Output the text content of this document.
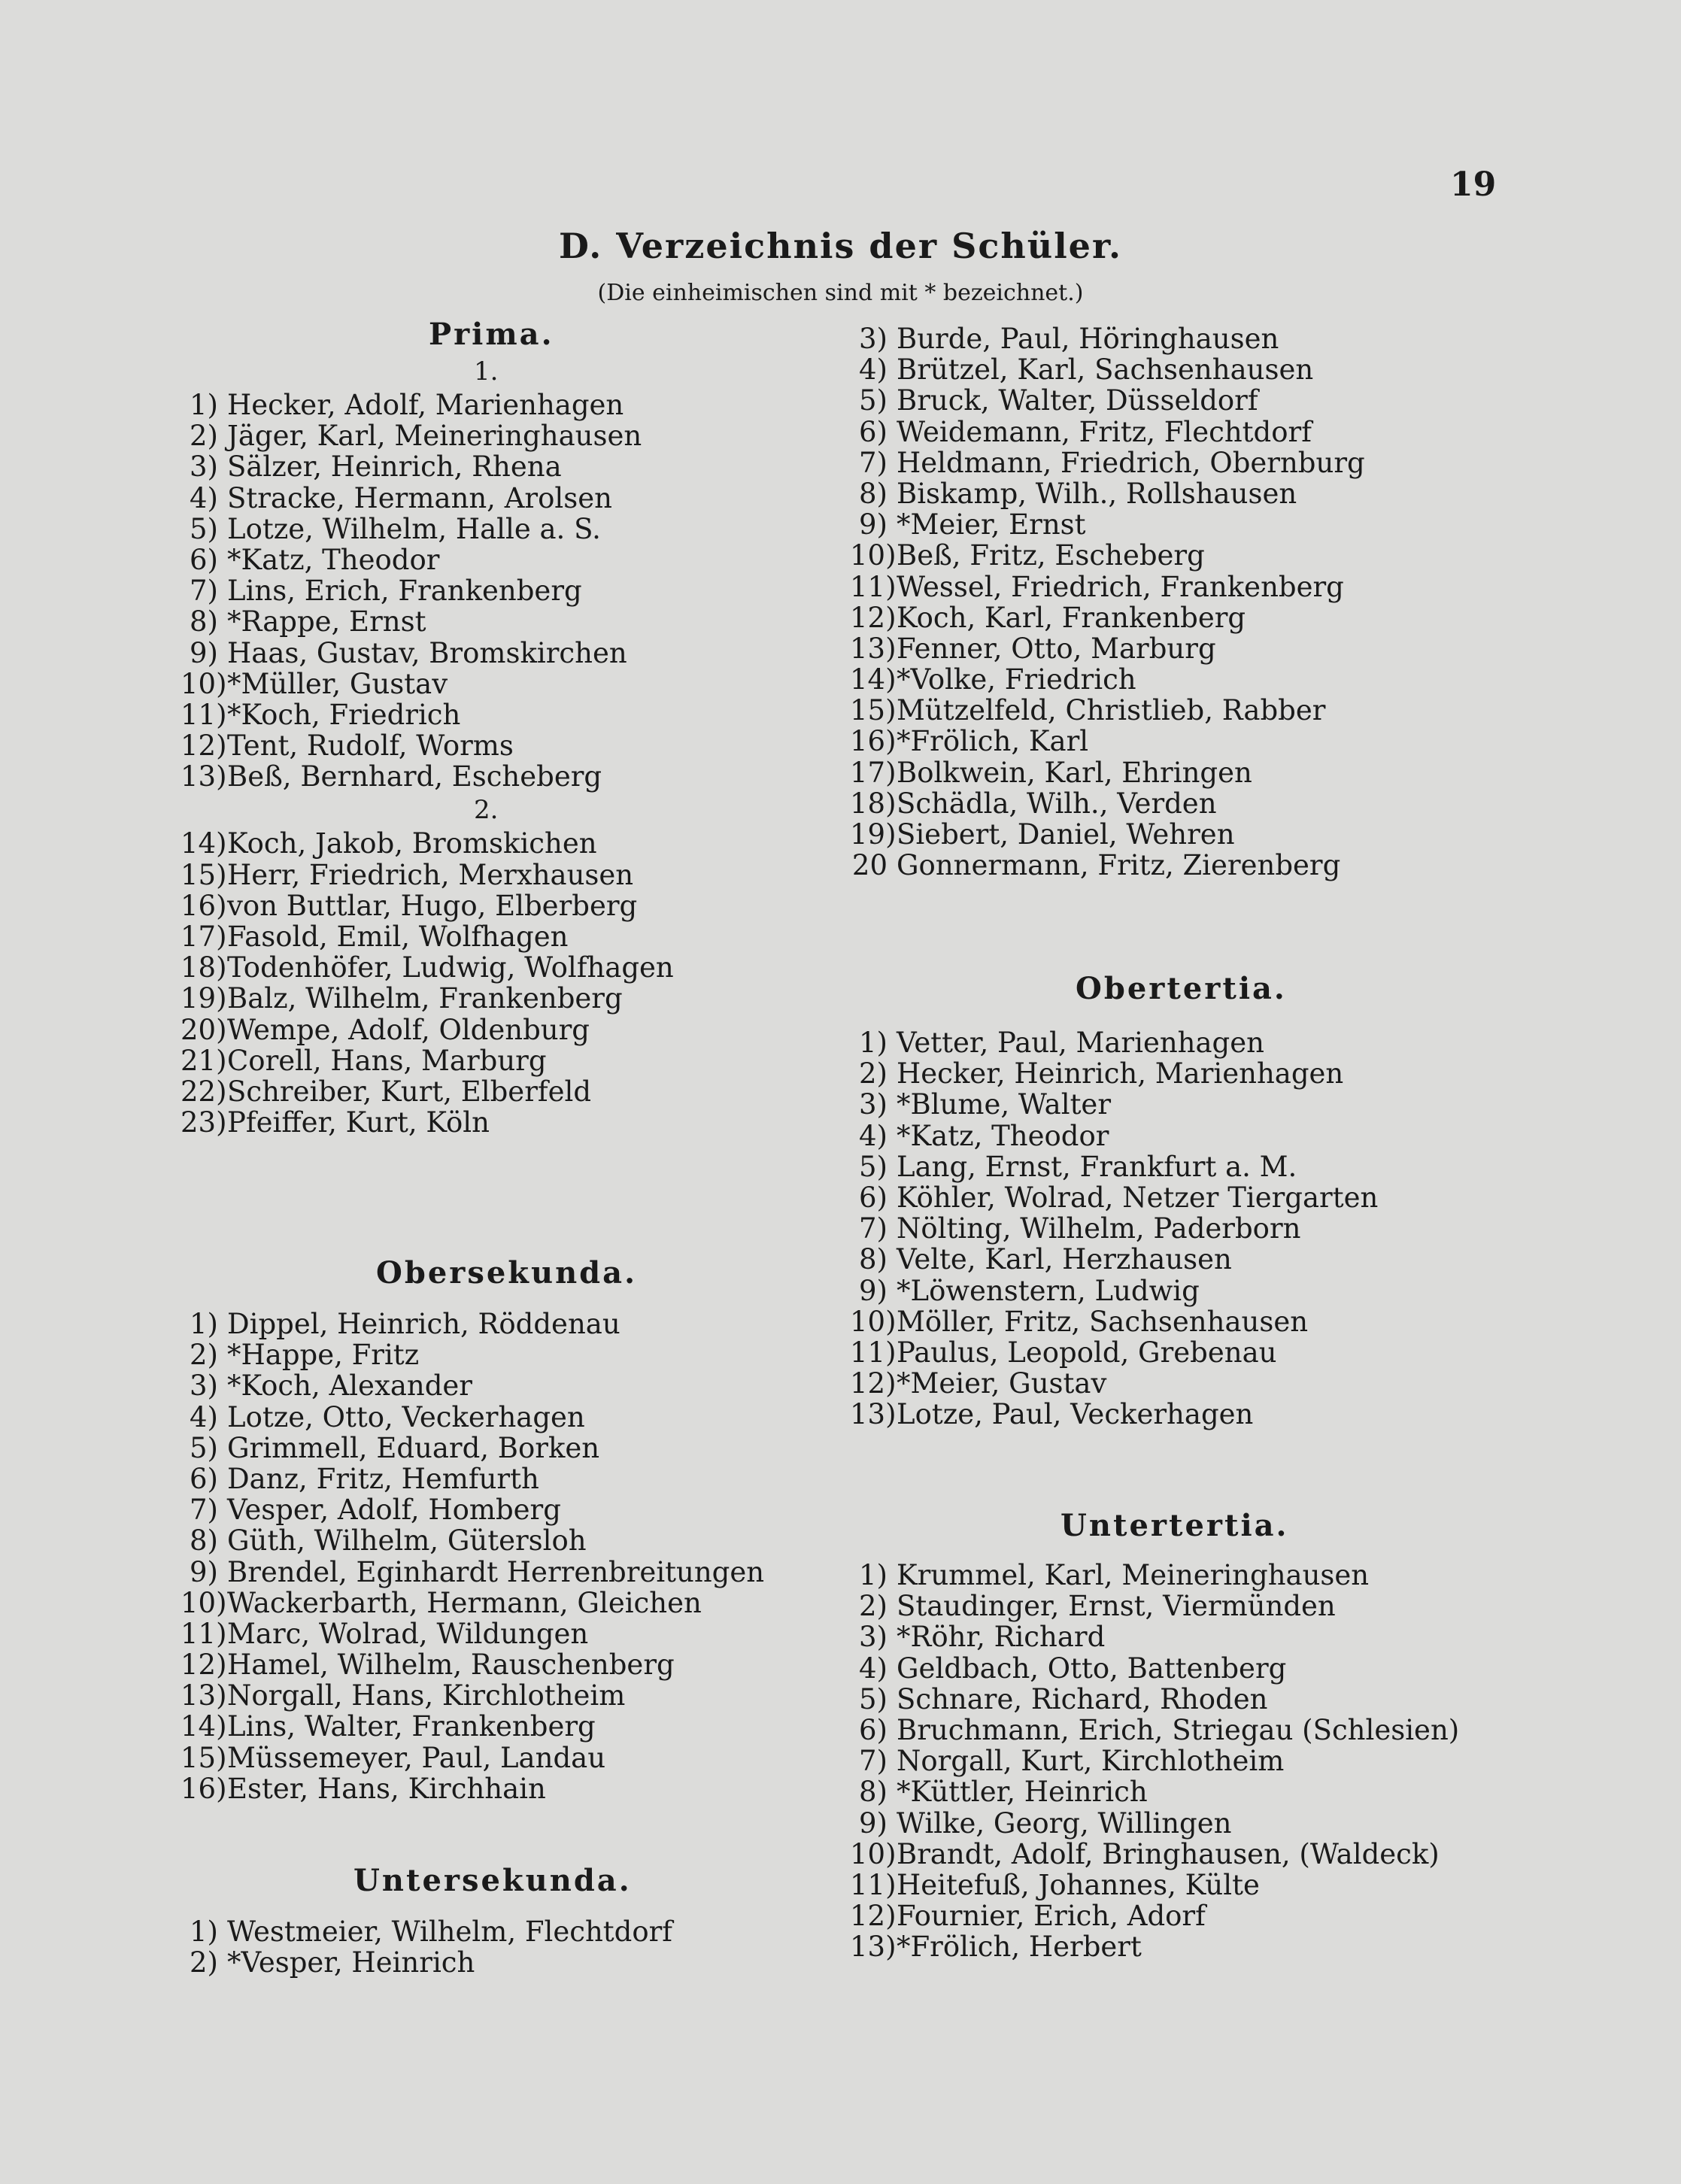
19
D. Verzeichnis der Schüler.
(Die einheimischen sind mit * bezeichnet.)
Prima.
1.
1) Hecker, Adolf, Marienhagen
2) Jäger, Karl, Meineringhausen
3) Sälzer, Heinrich, Rhena
4) Stracke, Hermann, Arolsen
5) Lotze, Wilhelm, Halle a. S.
6) *Katz, Theodor
7) Lins, Erich, Frankenberg
8) *Rappe, Ernst
9) Haas, Gustav, Bromskirchen
10)*Müller, Gustav
11)*Koch, Friedrich
12)Tent, Rudolf, Worms
13)Beß, Bernhard, Escheberg
2.
14)Koch, Jakob, Bromskichen
15)Herr, Friedrich, Merxhausen
16)von Buttlar, Hugo, Elberberg
17)Fasold, Emil, Wolfhagen
18)Todenhöfer, Ludwig, Wolfhagen
19)Balz, Wilhelm, Frankenberg
20)Wempe, Adolf, Oldenburg
21)Corell, Hans, Marburg
22)Schreiber, Kurt, Elberfeld
23)Pfeiffer, Kurt, Köln
Obersekunda.
1) Dippel, Heinrich, Röddenau
2) *Happe, Fritz
3) *Koch, Alexander
4) Lotze, Otto, Veckerhagen
5) Grimmell, Eduard, Borken
6) Danz, Fritz, Hemfurth
7) Vesper, Adolf, Homberg
8) Güth, Wilhelm, Gütersloh
9) Brendel, Eginhardt Herrenbreitungen
10)Wackerbarth, Hermann, Gleichen
11)Marc, Wolrad, Wildungen
12)Hamel, Wilhelm, Rauschenberg
13)Norgall, Hans, Kirchlotheim
14)Lins, Walter, Frankenberg
15)Müssemeyer, Paul, Landau
16)Ester, Hans, Kirchhain
Untersekunda.
1) Westmeier, Wilhelm, Flechtdorf
2) *Vesper, Heinrich
3) Burde, Paul, Höringhausen
4) Brützel, Karl, Sachsenhausen
5) Bruck, Walter, Düsseldorf
6) Weidemann, Fritz, Flechtdorf
7) Heldmann, Friedrich, Obernburg
8) Biskamp, Wilh., Rollshausen
9) *Meier, Ernst
10)Beß, Fritz, Escheberg
11)Wessel, Friedrich, Frankenberg
12)Koch, Karl, Frankenberg
13)Fenner, Otto, Marburg
14)*Volke, Friedrich
15)Mützelfeld, Christlieb, Rabber
16)*Frölich, Karl
17)Bolkwein, Karl, Ehringen
18)Schädla, Wilh., Verden
19)Siebert, Daniel, Wehren
20 Gonnermann, Fritz, Zierenberg
Obertertia.
1) Vetter, Paul, Marienhagen
2) Hecker, Heinrich, Marienhagen
3) *Blume, Walter
4) *Katz, Theodor
5) Lang, Ernst, Frankfurt a. M.
6) Köhler, Wolrad, Netzer Tiergarten
7) Nölting, Wilhelm, Paderborn
8) Velte, Karl, Herzhausen
9) *Löwenstern, Ludwig
10)Möller, Fritz, Sachsenhausen
11)Paulus, Leopold, Grebenau
12)*Meier, Gustav
13)Lotze, Paul, Veckerhagen
Untertertia.
1) Krummel, Karl, Meineringhausen
2) Staudinger, Ernst, Viermünden
3) *Röhr, Richard
4) Geldbach, Otto, Battenberg
5) Schnare, Richard, Rhoden
6) Bruchmann, Erich, Striegau (Schlesien)
7) Norgall, Kurt, Kirchlotheim
8) *Küttler, Heinrich
9) Wilke, Georg, Willingen
10)Brandt, Adolf, Bringhausen, (Waldeck)
11)Heitefuß, Johannes, Külte
12)Fournier, Erich, Adorf
13)*Frölich, Herbert
